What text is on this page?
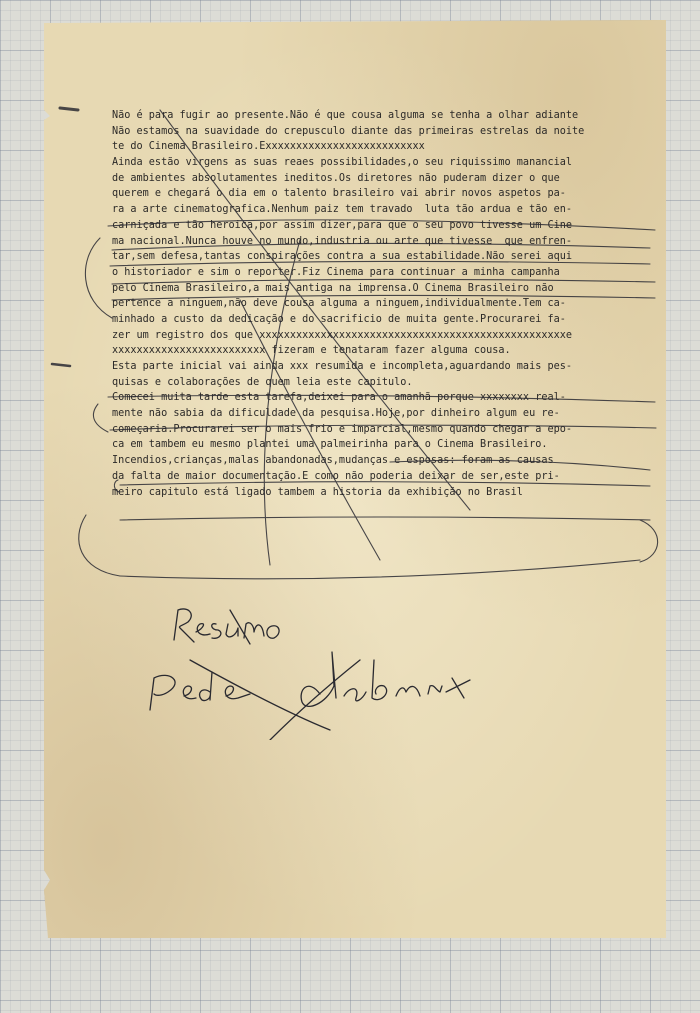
Não é para fugir ao presente.Não é que cousa alguma se tenha a olhar adiante
Não estamos na suavidade do crepusculo diante das primeiras estrelas da noite
te do Cinema Brasileiro.Exxxxxxxxxxxxxxxxxxxxxxxxxx
Ainda estão virgens as suas reaes possibilidades,o seu riquissimo manancial
de ambientes absolutamentes ineditos.Os diretores não puderam dizer o que
querem e chegará o dia em o talento brasileiro vai abrir novos aspetos pa-
ra a arte cinematografica.Nenhum paiz tem travado  luta tão ardua e tão en-
carniçada e tão heroica,por assim dizer,para que o seu povo tivesse um Cine
ma nacional.Nunca houve no mundo,industria ou arte que tivesse  que enfren-
tar,sem defesa,tantas conspirações contra a sua estabilidade.Não serei aqui
o historiador e sim o reporter.Fiz Cinema para continuar a minha campanha
pelo Cinema Brasileiro,a mais antiga na imprensa.O Cinema Brasileiro não
pertence a ninguem,não deve cousa alguma a ninguem,individualmente.Tem ca-
minhado a custo da dedicação e do sacrificio de muita gente.Procurarei fa-
zer um registro dos que xxxxxxxxxxxxxxxxxxxxxxxxxxxxxxxxxxxxxxxxxxxxxxxxxxe
xxxxxxxxxxxxxxxxxxxxxxxxx fizeram e tenataram fazer alguma cousa.
Esta parte inicial vai ainda xxx resumida e incompleta,aguardando mais pes-
quisas e colaborações de quem leia este capitulo.
Comecei muita tarde esta tarefa,deixei para o amanhã porque xxxxxxxx real-
mente não sabia da dificuldade da pesquisa.Hoje,por dinheiro algum eu re-
começaria.Procurarei ser o mais frio e imparcial,mesmo quando chegar a epo-
ca em tambem eu mesmo plantei uma palmeirinha para o Cinema Brasileiro.
Incendios,crianças,malas abandonadas,mudanças e esposas: foram as causas
da falta de maior documentação.E como não poderia deixar de ser,este pri-
meiro capitulo está ligado tambem a historia da exhibição no Brasil
